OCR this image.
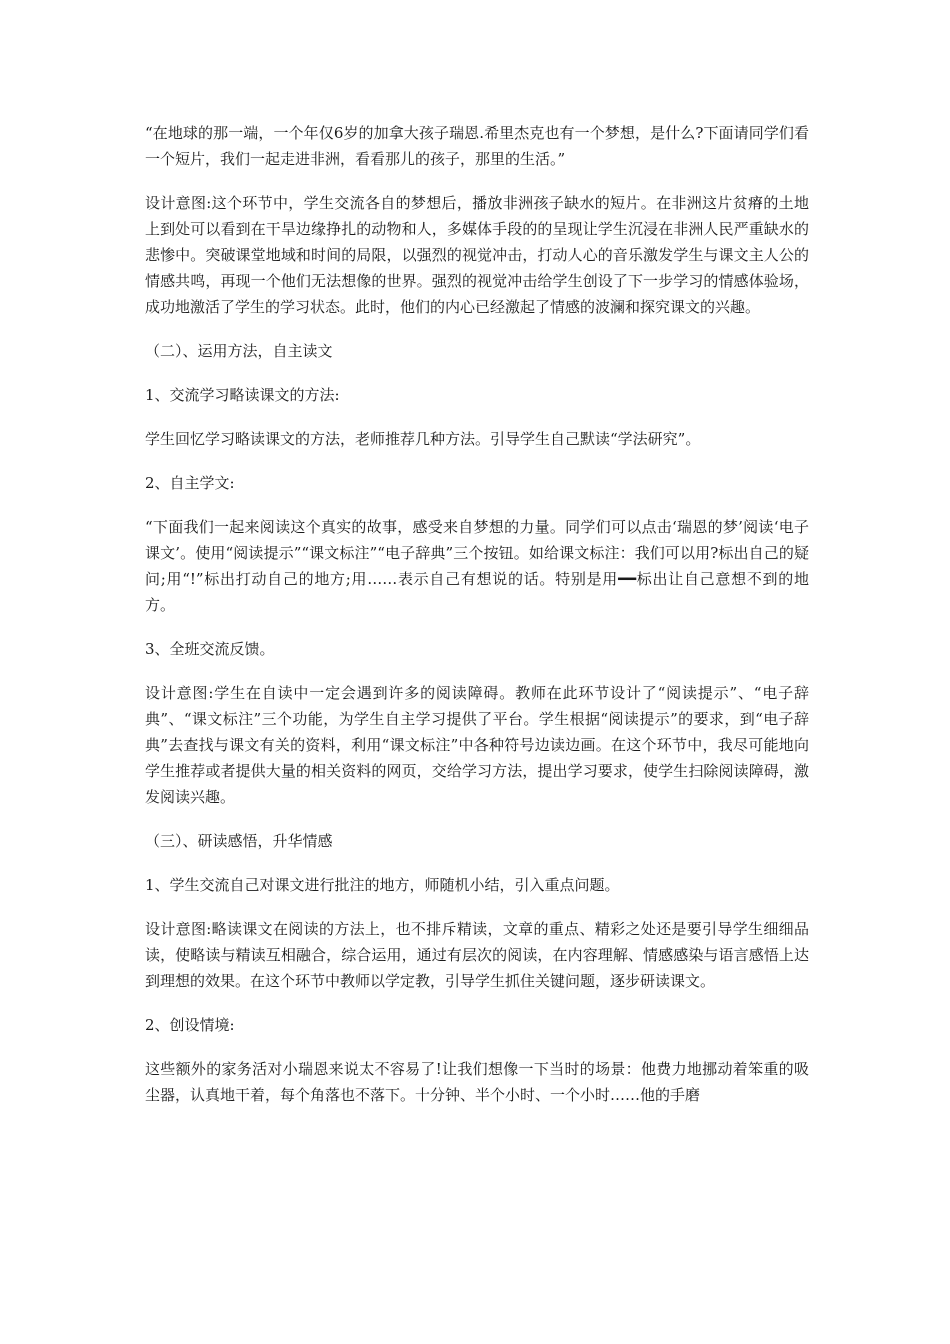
“在地球的那一端，一个年仅6岁的加拿大孩子瑞恩.希里杰克也有一个梦想，是什么?下面请同学们看一个短片，我们一起走进非洲，看看那儿的孩子，那里的生活。”

设计意图:这个环节中，学生交流各自的梦想后，播放非洲孩子缺水的短片。在非洲这片贫瘠的土地上到处可以看到在干旱边缘挣扎的动物和人，多媒体手段的的呈现让学生沉浸在非洲人民严重缺水的悲惨中。突破课堂地域和时间的局限，以强烈的视觉冲击，打动人心的音乐激发学生与课文主人公的情感共鸣，再现一个他们无法想像的世界。强烈的视觉冲击给学生创设了下一步学习的情感体验场，成功地激活了学生的学习状态。此时，他们的内心已经激起了情感的波澜和探究课文的兴趣。

（二）、运用方法，自主读文

1、交流学习略读课文的方法:

学生回忆学习略读课文的方法，老师推荐几种方法。引导学生自己默读“学法研究”。

2、自主学文:

“下面我们一起来阅读这个真实的故事，感受来自梦想的力量。同学们可以点击‘瑞恩的梦’阅读‘电子课文’。使用“阅读提示”“课文标注”“电子辞典”三个按钮。如给课文标注：我们可以用?标出自己的疑问;用“!”标出打动自己的地方;用……表示自己有想说的话。特别是用━━标出让自己意想不到的地方。

3、全班交流反馈。

设计意图:学生在自读中一定会遇到许多的阅读障碍。教师在此环节设计了“阅读提示”、“电子辞典”、“课文标注”三个功能，为学生自主学习提供了平台。学生根据“阅读提示”的要求，到“电子辞典”去查找与课文有关的资料，利用“课文标注”中各种符号边读边画。在这个环节中，我尽可能地向学生推荐或者提供大量的相关资料的网页，交给学习方法，提出学习要求，使学生扫除阅读障碍，激发阅读兴趣。

（三）、研读感悟，升华情感

1、学生交流自己对课文进行批注的地方，师随机小结，引入重点问题。

设计意图:略读课文在阅读的方法上，也不排斥精读，文章的重点、精彩之处还是要引导学生细细品读，使略读与精读互相融合，综合运用，通过有层次的阅读，在内容理解、情感感染与语言感悟上达到理想的效果。在这个环节中教师以学定教，引导学生抓住关键问题，逐步研读课文。

2、创设情境:

这些额外的家务活对小瑞恩来说太不容易了!让我们想像一下当时的场景：他费力地挪动着笨重的吸尘器，认真地干着，每个角落也不落下。十分钟、半个小时、一个小时……他的手磨
